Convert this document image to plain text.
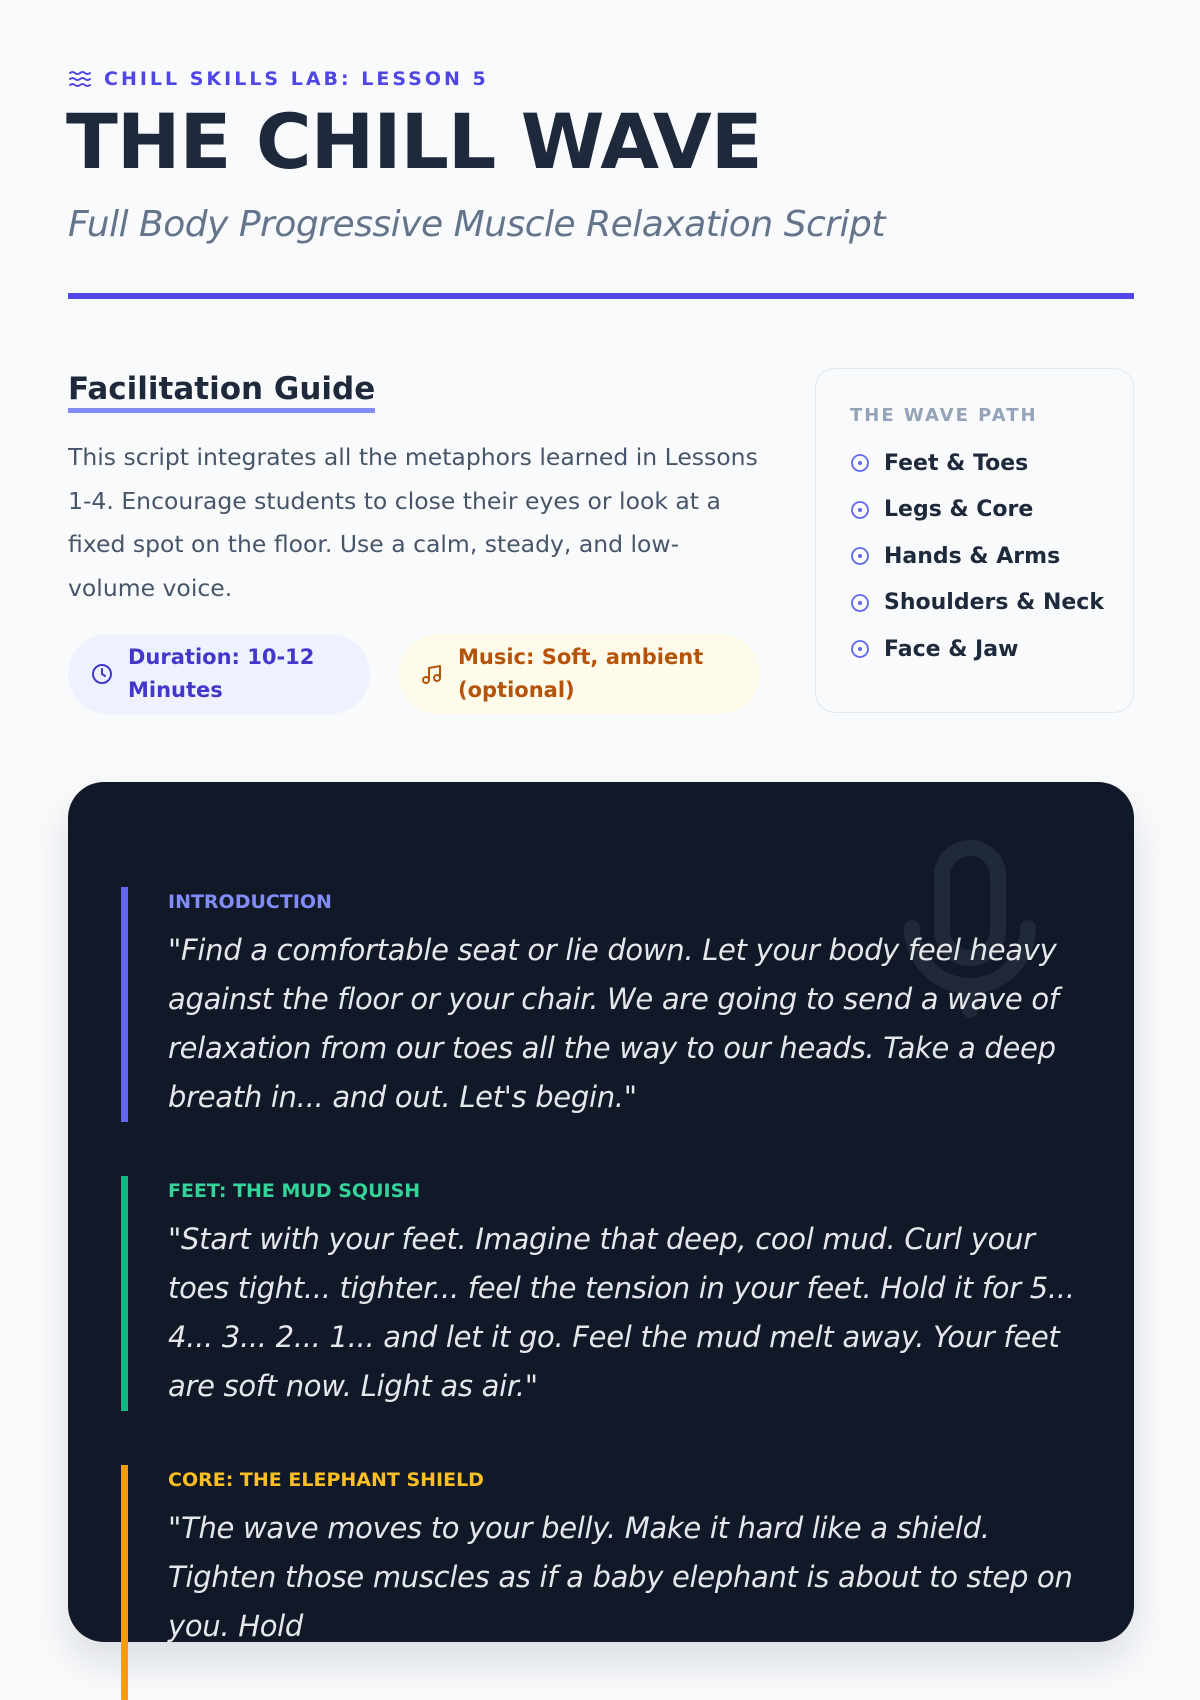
CHILL SKILLS LAB: LESSON 5
THE CHILL WAVE
Full Body Progressive Muscle Relaxation Script
Facilitation Guide

This script integrates all the metaphors learned in Lessons 1-4. Encourage students to close their eyes or look at a fixed spot on the floor. Use a calm, steady, and low-volume voice.

Duration: 10-12 Minutes
Music: Soft, ambient (optional)
THE WAVE PATH
Feet & Toes
Legs & Core
Hands & Arms
Shoulders & Neck
Face & Jaw
INTRODUCTION
"Find a comfortable seat or lie down. Let your body feel heavy against the floor or your chair. We are going to send a wave of relaxation from our toes all the way to our heads. Take a deep breath in... and out. Let's begin."
FEET: THE MUD SQUISH
"Start with your feet. Imagine that deep, cool mud. Curl your toes tight... tighter... feel the tension in your feet. Hold it for 5... 4... 3... 2... 1... and let it go. Feel the mud melt away. Your feet are soft now. Light as air."
CORE: THE ELEPHANT SHIELD
"The wave moves to your belly. Make it hard like a shield. Tighten those muscles as if a baby elephant is about to step on you. Hold
